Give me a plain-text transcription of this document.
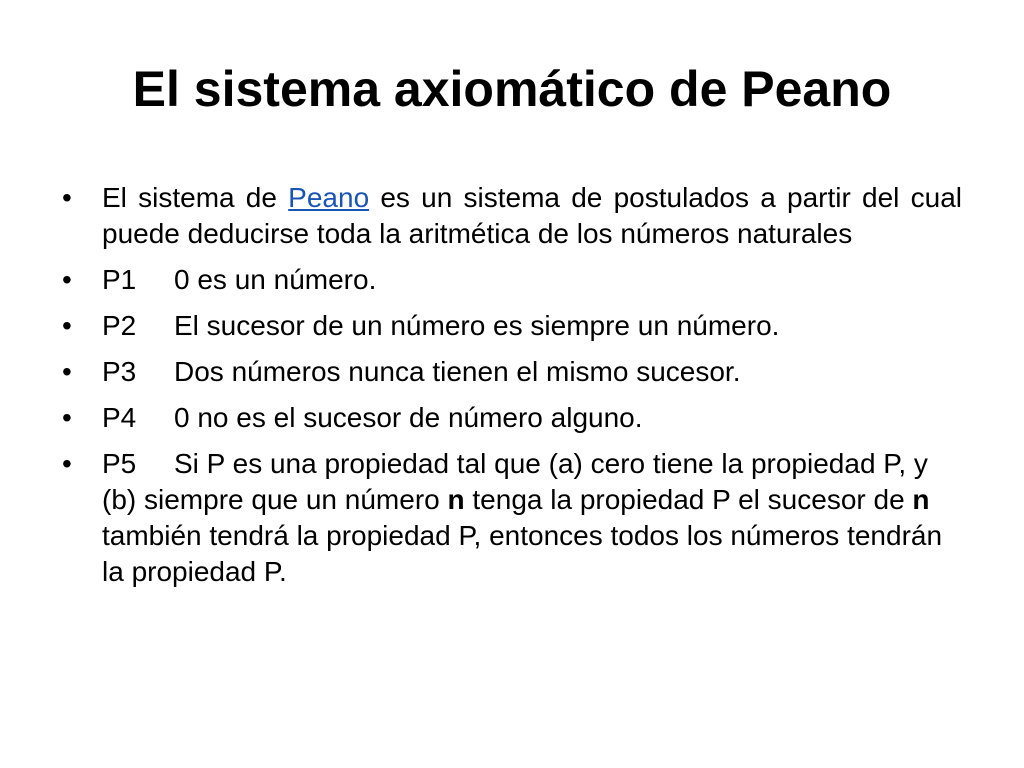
El sistema axiomático de Peano
•	El sistema de Peano es un sistema de postulados a partir del cual puede deducirse toda la aritmética de los números naturales
•	P1 0 es un número.
•	P2 El sucesor de un número es siempre un número.
•	P3 Dos números nunca tienen el mismo sucesor.
•	P4 0 no es el sucesor de número alguno.
•	P5 Si P es una propiedad tal que (a) cero tiene la propiedad P, y (b) siempre que un número n tenga la propiedad P el sucesor de n también tendrá la propiedad P, entonces todos los números tendrán la propiedad P.
